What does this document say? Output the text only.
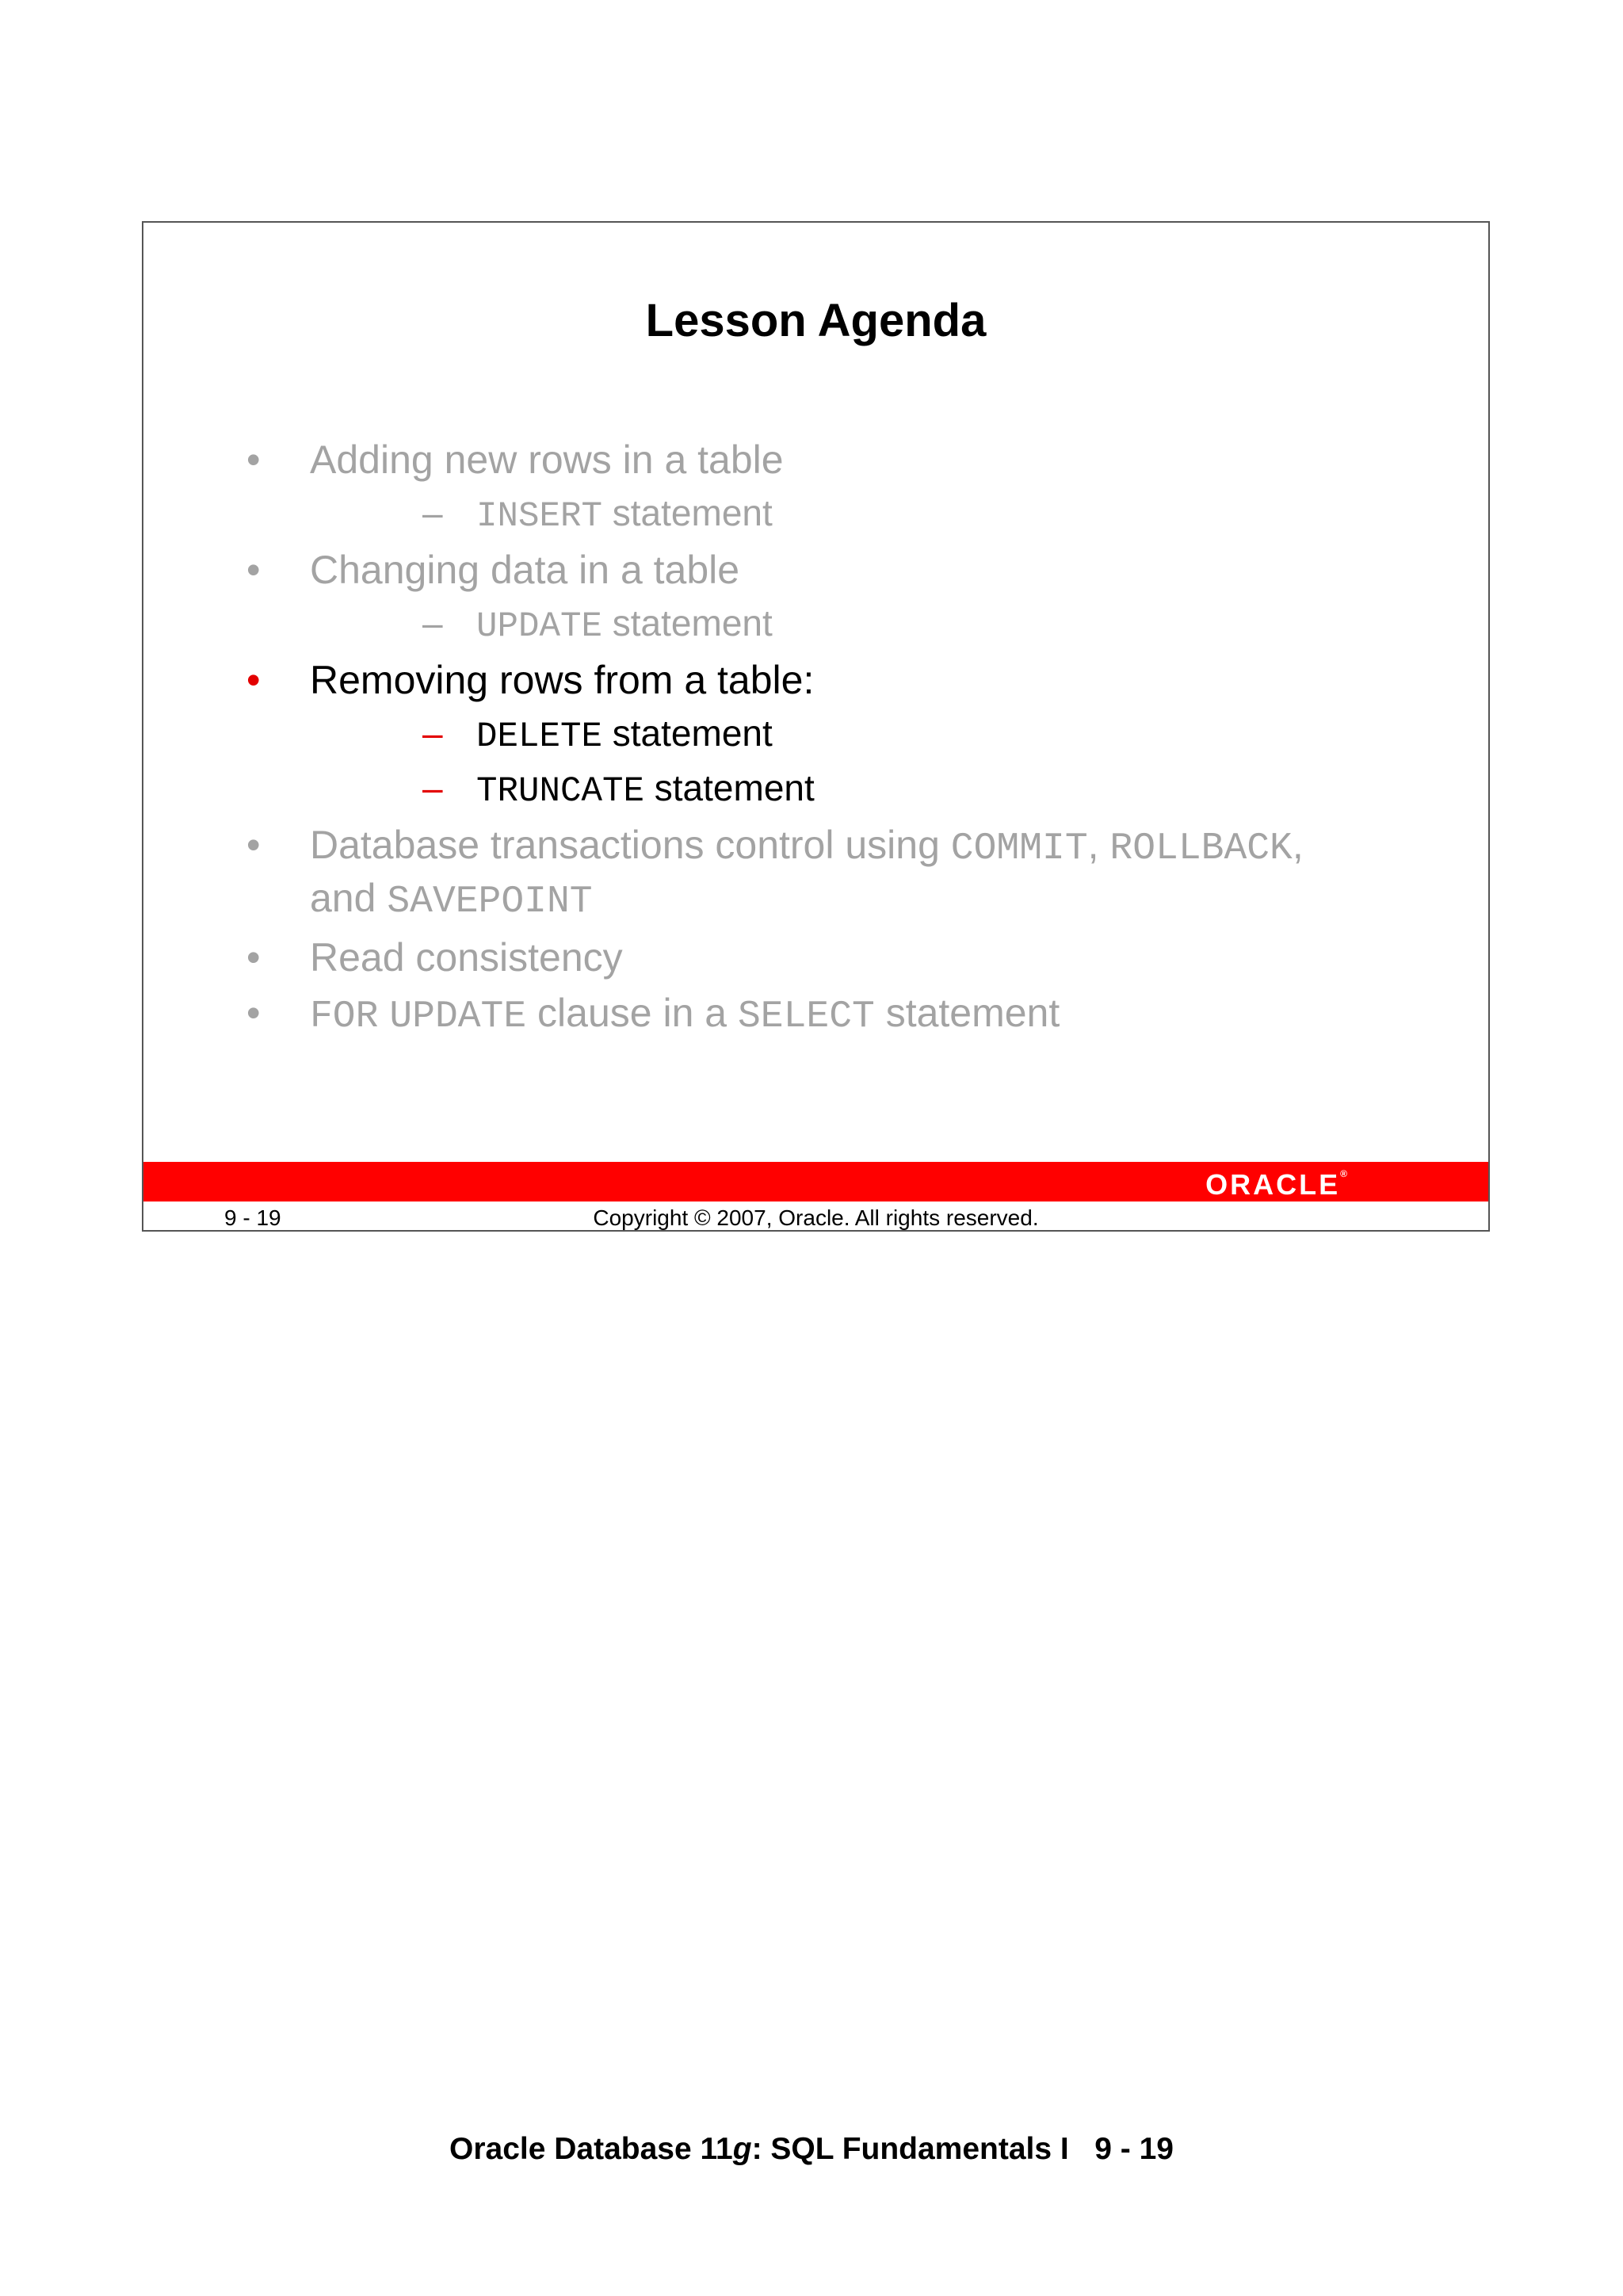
Lesson Agenda
•	Adding new rows in a table
– INSERT statement
•	Changing data in a table
– UPDATE statement
•	Removing rows from a table:
– DELETE statement
– TRUNCATE statement
•	Database transactions control using COMMIT, ROLLBACK,
and SAVEPOINT
•	Read consistency
•	FOR UPDATE clause in a SELECT statement
ORACLE®
9 - 19	Copyright © 2007, Oracle. All rights reserved.
Oracle Database 11g: SQL Fundamentals I   9 - 19
